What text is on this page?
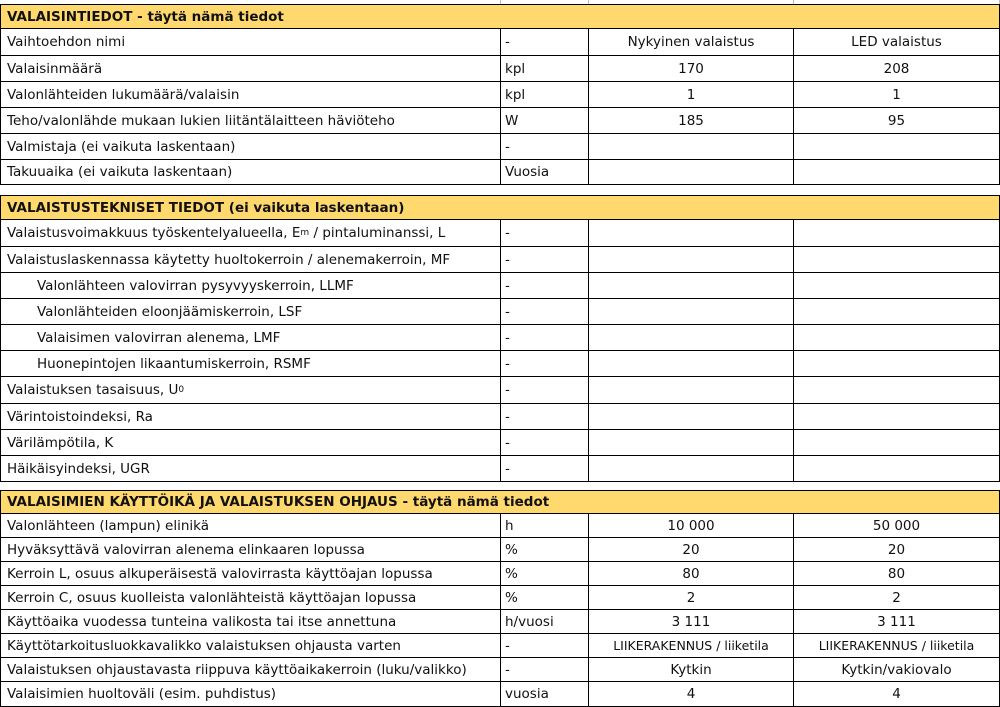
VALAISINTIEDOT - täytä nämä tiedot
Vaihtoehdon nimi	-	Nykyinen valaistus	LED valaistus
Valaisinmäärä	kpl	170	208
Valonlähteiden lukumäärä/valaisin	kpl	1	1
Teho/valonlähde mukaan lukien liitäntälaitteen häviöteho	W	185	95
Valmistaja (ei vaikuta laskentaan)	-
Takuuaika (ei vaikuta laskentaan)	Vuosia
VALAISTUSTEKNISET TIEDOT (ei vaikuta laskentaan)
Valaistusvoimakkuus työskentelyalueella, E m / pintaluminanssi, L	-
Valaistuslaskennassa käytetty huoltokerroin / alenemakerroin, MF	-
Valonlähteen valovirran pysyvyyskerroin, LLMF	-
Valonlähteiden eloonjäämiskerroin, LSF	-
Valaisimen valovirran alenema, LMF	-
Huonepintojen likaantumiskerroin, RSMF	-
Valaistuksen tasaisuus, U 0	-
Värintoistoindeksi, Ra	-
Värilämpötila, K	-
Häikäisyindeksi, UGR	-
VALAISIMIEN KÄYTTÖIKÄ JA VALAISTUKSEN OHJAUS - täytä nämä tiedot
Valonlähteen (lampun) elinikä	h	10 000	50 000
Hyväksyttävä valovirran alenema elinkaaren lopussa	%	20	20
Kerroin L, osuus alkuperäisestä valovirrasta käyttöajan lopussa	%	80	80
Kerroin C, osuus kuolleista valonlähteistä käyttöajan lopussa	%	2	2
Käyttöaika vuodessa tunteina valikosta tai itse annettuna	h/vuosi	3 111	3 111
Käyttötarkoitusluokkavalikko valaistuksen ohjausta varten	-	LIIKERAKENNUS / liiketila	LIIKERAKENNUS / liiketila
Valaistuksen ohjaustavasta riippuva käyttöaikakerroin (luku/valikko)	-	Kytkin	Kytkin/vakiovalo
Valaisimien huoltoväli (esim. puhdistus)	vuosia	4	4
